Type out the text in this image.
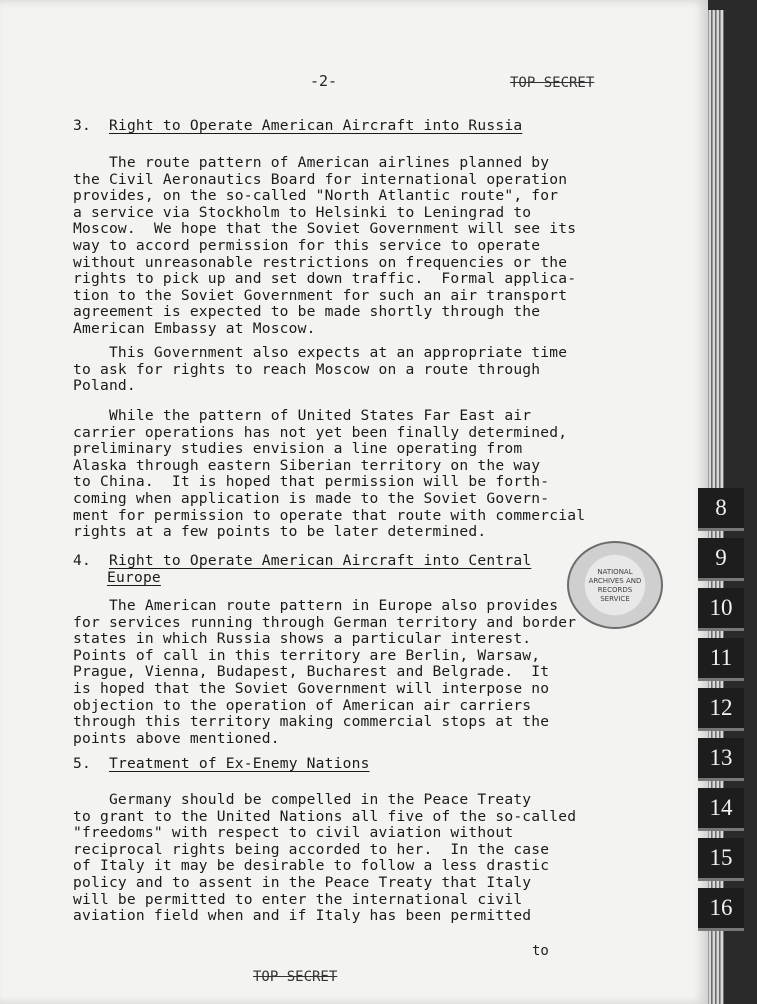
-2-	TOP SECRET
3. Right to Operate American Aircraft into Russia
The route pattern of American airlines planned by
the Civil Aeronautics Board for international operation
provides, on the so-called "North Atlantic route", for
a service via Stockholm to Helsinki to Leningrad to
Moscow.  We hope that the Soviet Government will see its
way to accord permission for this service to operate
without unreasonable restrictions on frequencies or the
rights to pick up and set down traffic.  Formal applica-
tion to the Soviet Government for such an air transport
agreement is expected to be made shortly through the
American Embassy at Moscow.
This Government also expects at an appropriate time
to ask for rights to reach Moscow on a route through
Poland.
While the pattern of United States Far East air
carrier operations has not yet been finally determined,
preliminary studies envision a line operating from
Alaska through eastern Siberian territory on the way
to China.  It is hoped that permission will be forth-
coming when application is made to the Soviet Govern-
ment for permission to operate that route with commercial
rights at a few points to be later determined.
4. Right to Operate American Aircraft into Central
Europe
The American route pattern in Europe also provides
for services running through German territory and border
states in which Russia shows a particular interest.
Points of call in this territory are Berlin, Warsaw,
Prague, Vienna, Budapest, Bucharest and Belgrade.  It
is hoped that the Soviet Government will interpose no
objection to the operation of American air carriers
through this territory making commercial stops at the
points above mentioned.
5. Treatment of Ex-Enemy Nations
Germany should be compelled in the Peace Treaty
to grant to the United Nations all five of the so-called
"freedoms" with respect to civil aviation without
reciprocal rights being accorded to her.  In the case
of Italy it may be desirable to follow a less drastic
policy and to assent in the Peace Treaty that Italy
will be permitted to enter the international civil
aviation field when and if Italy has been permitted
to
TOP SECRET
NATIONAL
ARCHIVES AND
RECORDS
SERVICE
8
9
10
11
12
13
14
15
16
